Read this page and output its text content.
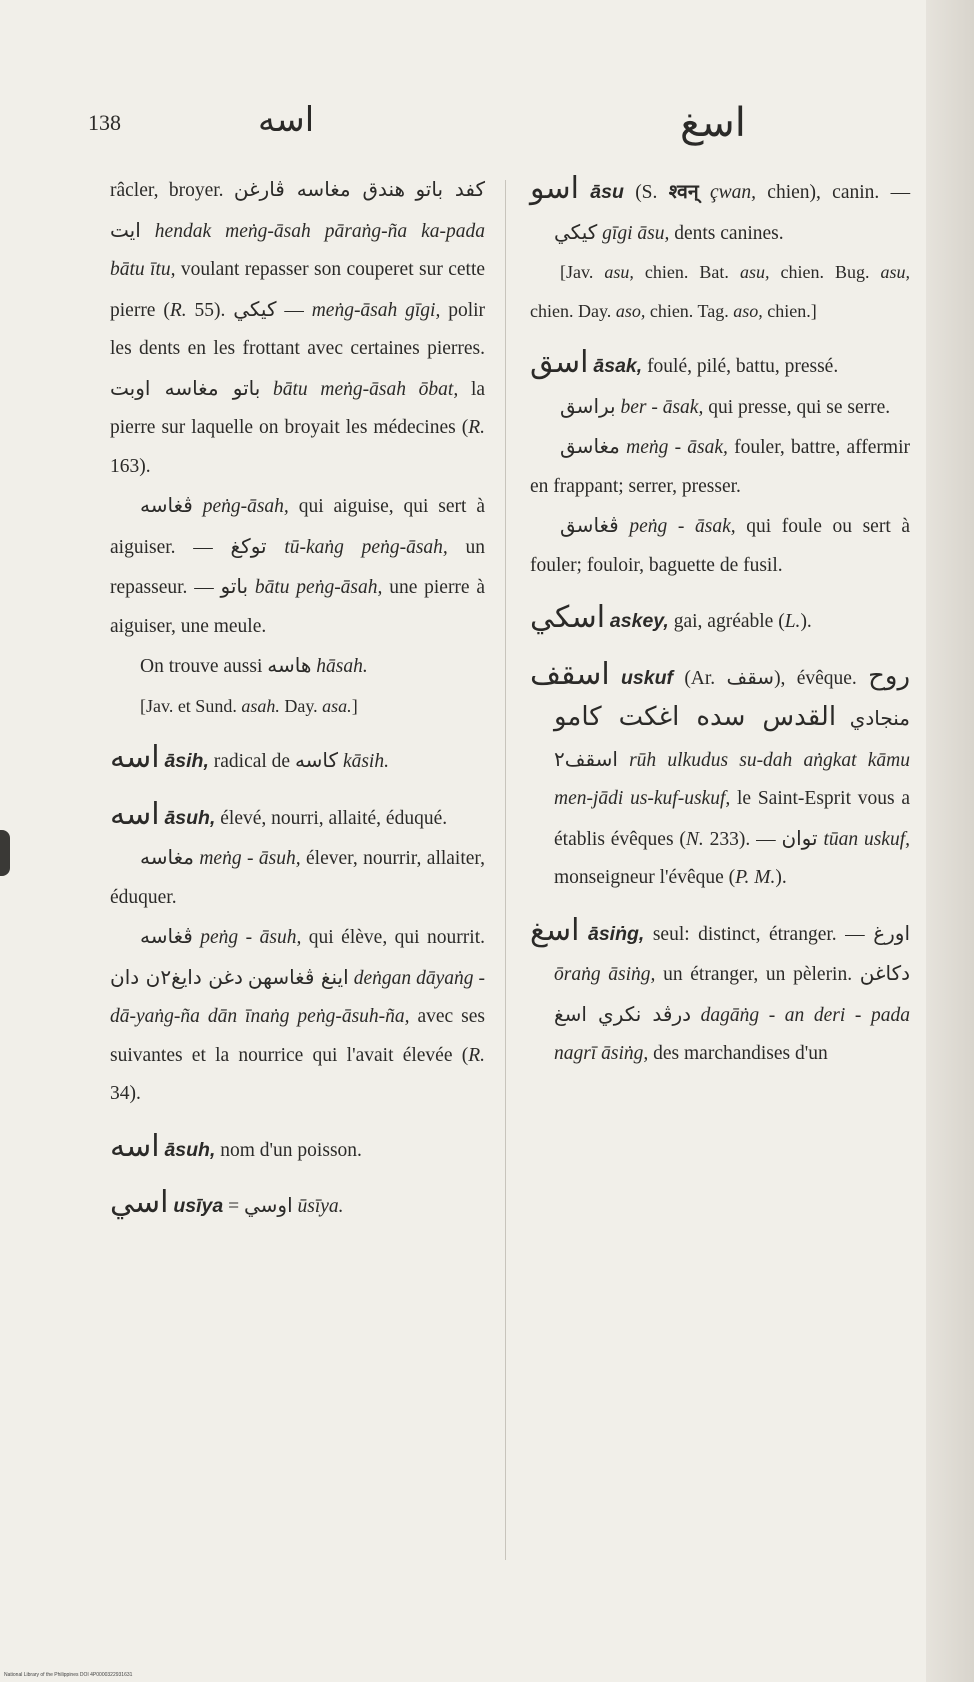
138	اسه	اسغ

râcler, broyer. هندق مغاسه ڤارغن كفد باتو ايت hendak meṅg-āsah pāraṅg-ña ka-pada bātu ītu, voulant repasser son couperet sur cette pierre (R. 55). كيكي — meṅg-āsah gīgi, polir les dents en les frottant avec certaines pierres. باتو مغاسه اوبت bātu meṅg-āsah ōbat, la pierre sur laquelle on broyait les médecines (R. 163).

ڤغاسه peṅg-āsah, qui aiguise, qui sert à aiguiser. — توكغ tū-kaṅg peṅg-āsah, un repasseur. — باتو bātu peṅg-āsah, une pierre à aiguiser, une meule.

On trouve aussi هاسه hāsah.

[Jav. et Sund. asah. Day. asa.]

اسه āsih, radical de كاسه kāsih.

اسه āsuh, élevé, nourri, allaité, éduqué.

مغاسه meṅg - āsuh, élever, nourrir, allaiter, éduquer.

ڤغاسه peṅg - āsuh, qui élève, qui nourrit. دغن دايغ٢ن دان اينغ ڤغاسهن deṅgan dāyaṅg - dā-yaṅg-ña dān īnaṅg peṅg-āsuh-ña, avec ses suivantes et la nourrice qui l'avait élevée (R. 34).

اسه āsuh, nom d'un poisson.

اسي usīya = اوسي ūsīya.

اسو āsu (S. श्वन् çwan, chien), canin. — كيكي gīgi āsu, dents canines.

[Jav. asu, chien. Bat. asu, chien. Bug. asu, chien. Day. aso, chien. Tag. aso, chien.]

اسق āsak, foulé, pilé, battu, pressé.

براسق ber - āsak, qui presse, qui se serre.

مغاسق meṅg - āsak, fouler, battre, affermir en frappant; serrer, presser.

ڤغاسق peṅg - āsak, qui foule ou sert à fouler; fouloir, baguette de fusil.

اسكي askey, gai, agréable (L.).

اسقف uskuf (Ar. سقف), évêque. روح القدس سده اغكت كامو منجادي اسقف٢ rūh ulkudus su-dah aṅgkat kāmu men-jādi us-kuf-uskuf, le Saint-Esprit vous a établis évêques (N. 233). — توان tūan uskuf, monseigneur l'évêque (P. M.).

اسغ āsiṅg, seul: distinct, étranger. — اورغ ōraṅg āsiṅg, un étranger, un pèlerin. دكاغن درڤد نكري اسغ dagāṅg - an deri - pada nagrī āsiṅg, des marchandises d'un

National Library of the Philippines DOI 4P0000322931631
